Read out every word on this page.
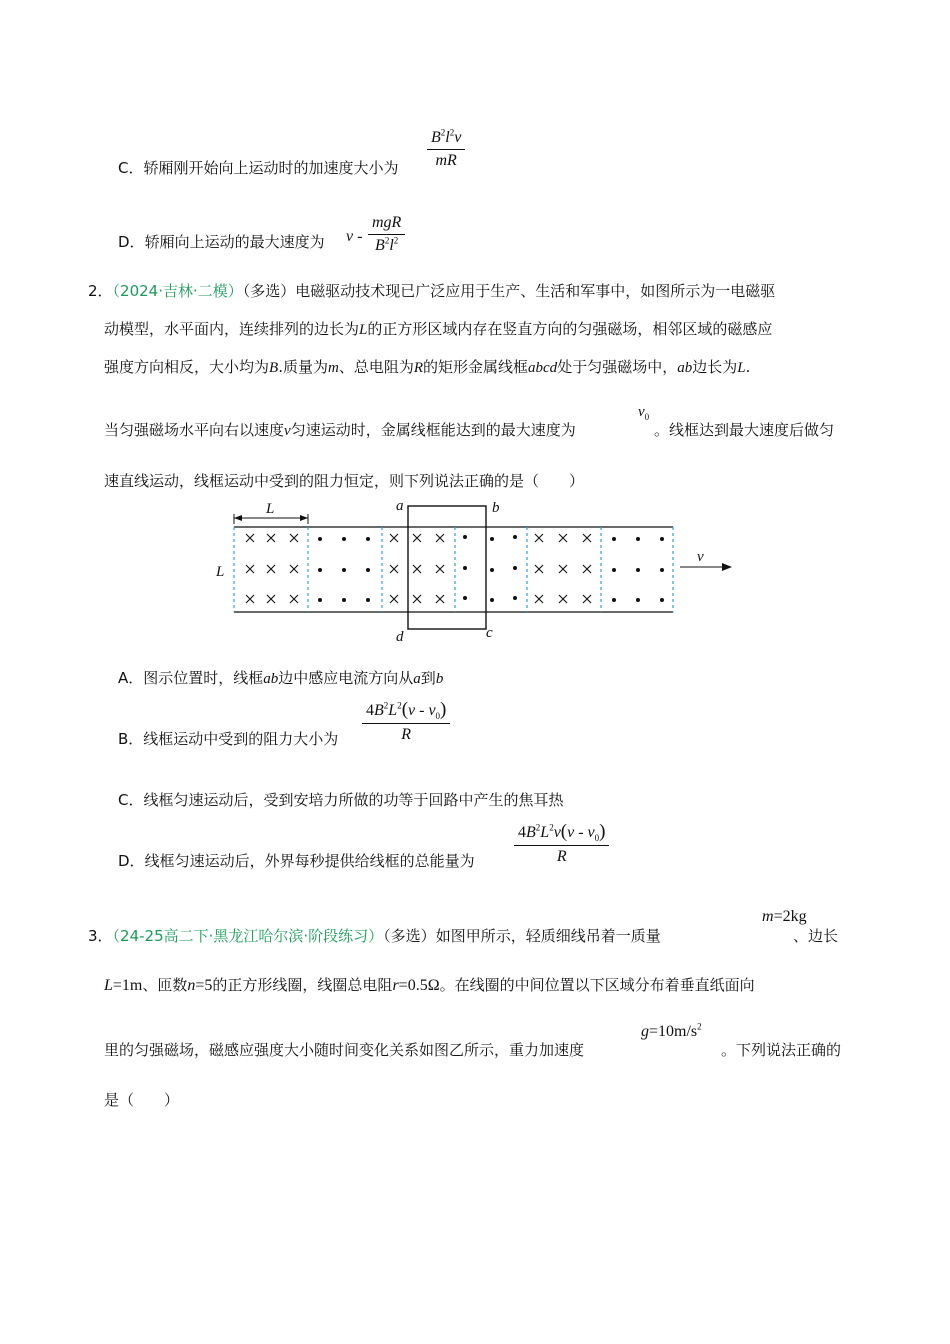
C．轿厢刚开始向上运动时的加速度大小为
$B^2l^2v$
mR
D．轿厢向上运动的最大速度为 v -
mgR
$B^2l^2$
2．（2024·吉林·二模）（多选）电磁驱动技术现已广泛应用于生产、生活和军事中，如图所示为一电磁驱
动模型，水平面内，连续排列的边长为L的正方形区域内存在竖直方向的匀强磁场，相邻区域的磁感应
强度方向相反，大小均为B.质量为m、总电阻为R的矩形金属线框abcd处于匀强磁场中，ab边长为L.
当匀强磁场水平向右以速度v匀速运动时，金属线框能达到的最大速度为
$v_0$
。线框达到最大速度后做匀
速直线运动，线框运动中受到的阻力恒定，则下列说法正确的是（　　）
L
L
a	b
c
d
v
A．图示位置时，线框ab边中感应电流方向从a到b
B．线框运动中受到的阻力大小为
$4B^2L^2(v - v_0)$
R
C．线框匀速运动后，受到安培力所做的功等于回路中产生的焦耳热
D．线框匀速运动后，外界每秒提供给线框的总能量为
$4B^2L^2v(v - v_0)$
R
3．（24-25高二下·黑龙江哈尔滨·阶段练习）（多选）如图甲所示，轻质细线吊着一质量
m=2kg
、边长
L=1m、匝数n=5的正方形线圈，线圈总电阻r=0.5Ω。在线圈的中间位置以下区域分布着垂直纸面向
里的匀强磁场，磁感应强度大小随时间变化关系如图乙所示，重力加速度
$g=10m/s^2$
。下列说法正确的
是（　　）
